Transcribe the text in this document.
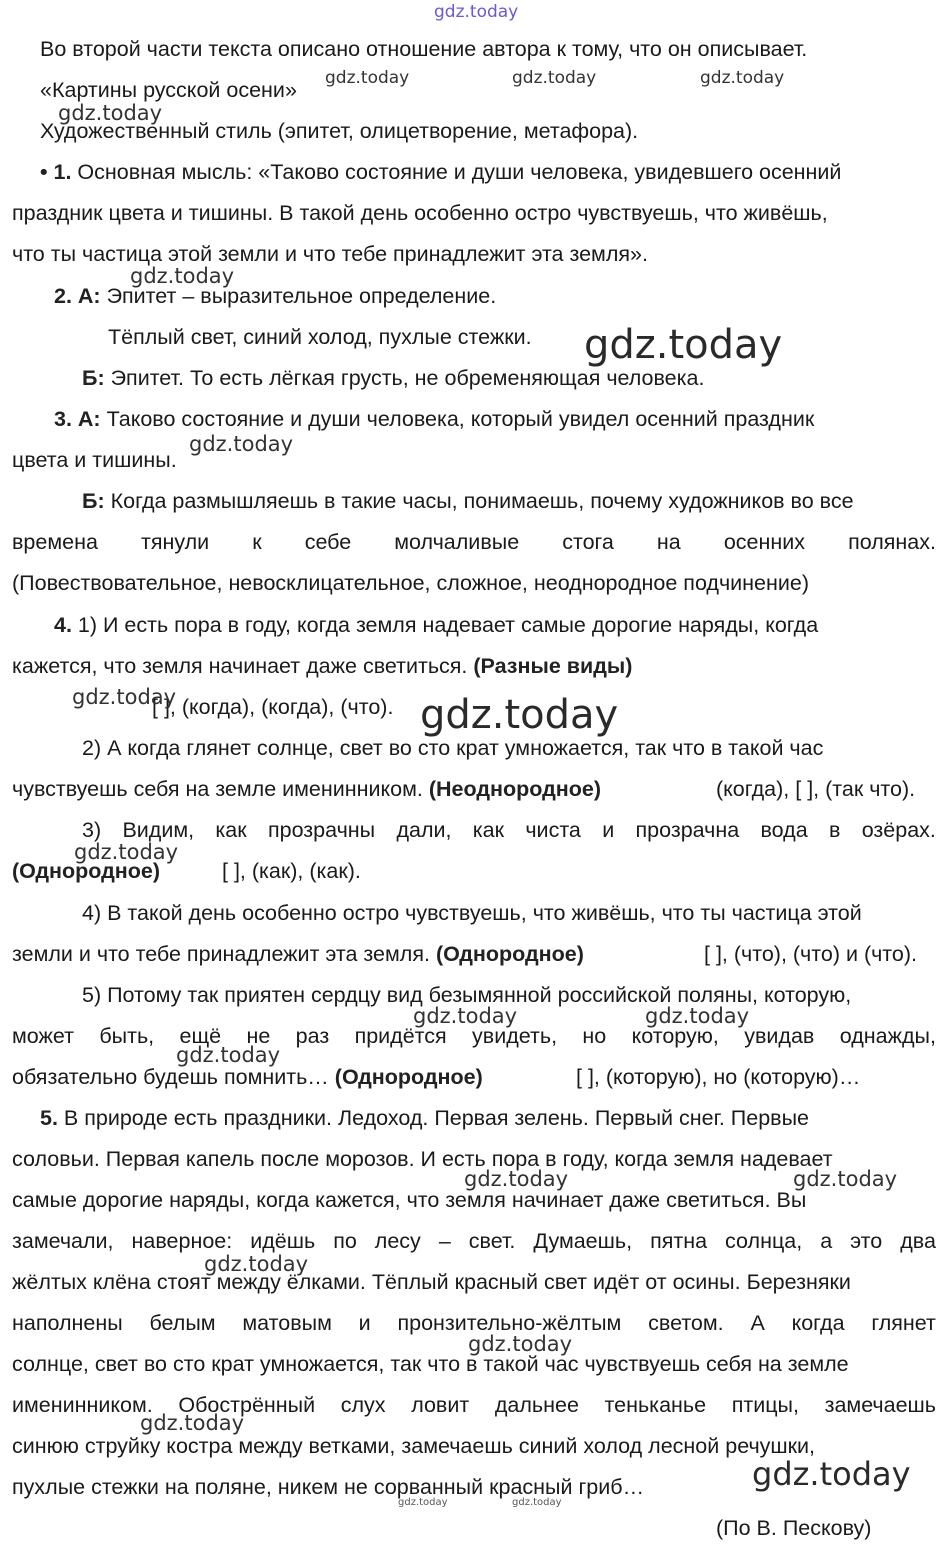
Во второй части текста описано отношение автора к тому, что он описывает.
«Картины русской осени»
Художественный стиль (эпитет, олицетворение, метафора).
• 1. Основная мысль: «Таково состояние и души человека, увидевшего осенний
праздник цвета и тишины. В такой день особенно остро чувствуешь, что живёшь,
что ты частица этой земли и что тебе принадлежит эта земля».
2. А: Эпитет – выразительное определение.
Тёплый свет, синий холод, пухлые стежки.
Б: Эпитет. То есть лёгкая грусть, не обременяющая человека.
3. А: Таково состояние и души человека, который увидел осенний праздник
цвета и тишины.
Б: Когда размышляешь в такие часы, понимаешь, почему художников во все
времена тянули к себе молчаливые стога на осенних полянах.
(Повествовательное, невосклицательное, сложное, неоднородное подчинение)
4. 1) И есть пора в году, когда земля надевает самые дорогие наряды, когда
кажется, что земля начинает даже светиться. (Разные виды)
[ ], (когда), (когда), (что).
2) А когда глянет солнце, свет во сто крат умножается, так что в такой час
чувствуешь себя на земле именинником. (Неоднородное)	(когда), [ ], (так что).
3) Видим, как прозрачны дали, как чиста и прозрачна вода в озёрах.
(Однородное)	[ ], (как), (как).
4) В такой день особенно остро чувствуешь, что живёшь, что ты частица этой
земли и что тебе принадлежит эта земля. (Однородное)	[ ], (что), (что) и (что).
5) Потому так приятен сердцу вид безымянной российской поляны, которую,
может быть, ещё не раз придётся увидеть, но которую, увидав однажды,
обязательно будешь помнить… (Однородное)	[ ], (которую), но (которую)…
5. В природе есть праздники. Ледоход. Первая зелень. Первый снег. Первые
соловьи. Первая капель после морозов. И есть пора в году, когда земля надевает
самые дорогие наряды, когда кажется, что земля начинает даже светиться. Вы
замечали, наверное: идёшь по лесу – свет. Думаешь, пятна солнца, а это два
жёлтых клёна стоят между ёлками. Тёплый красный свет идёт от осины. Березняки
наполнены белым матовым и пронзительно-жёлтым светом. А когда глянет
солнце, свет во сто крат умножается, так что в такой час чувствуешь себя на земле
именинником. Обострённый слух ловит дальнее теньканье птицы, замечаешь
синюю струйку костра между ветками, замечаешь синий холод лесной речушки,
пухлые стежки на поляне, никем не сорванный красный гриб…
(По В. Пескову)
gdz.today
gdz.today	gdz.today	gdz.today
gdz.today
gdz.today
gdz.today
gdz.today
gdz.today	gdz.today
gdz.today
gdz.today	gdz.today
gdz.today
gdz.today	gdz.today
gdz.today
gdz.today
gdz.today
gdz.today
gdz.today	gdz.today
